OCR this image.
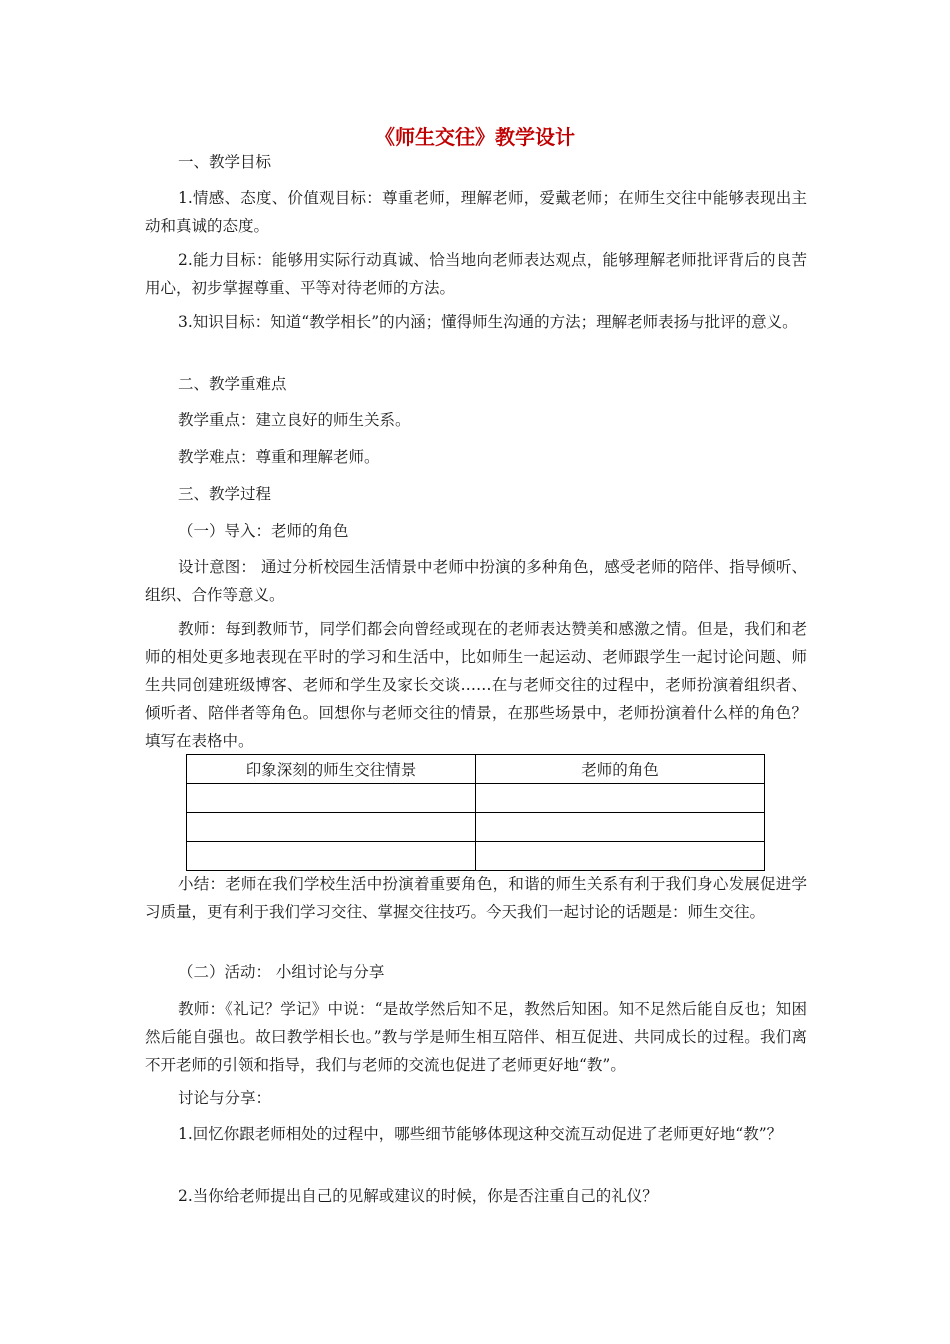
《师生交往》教学设计

一、教学目标

1.情感、态度、价值观目标：尊重老师，理解老师，爱戴老师；在师生交往中能够表现出主动和真诚的态度。

2.能力目标：能够用实际行动真诚、恰当地向老师表达观点，能够理解老师批评背后的良苦用心，初步掌握尊重、平等对待老师的方法。

3.知识目标：知道“教学相长”的内涵；懂得师生沟通的方法；理解老师表扬与批评的意义。

二、教学重难点

教学重点：建立良好的师生关系。

教学难点：尊重和理解老师。

三、教学过程

（一）导入：老师的角色

设计意图： 通过分析校园生活情景中老师中扮演的多种角色，感受老师的陪伴、指导倾听、组织、合作等意义。

教师：每到教师节，同学们都会向曾经或现在的老师表达赞美和感激之情。但是，我们和老师的相处更多地表现在平时的学习和生活中，比如师生一起运动、老师跟学生一起讨论问题、师生共同创建班级博客、老师和学生及家长交谈……在与老师交往的过程中，老师扮演着组织者、倾听者、陪伴者等角色。回想你与老师交往的情景，在那些场景中，老师扮演着什么样的角色？填写在表格中。

印象深刻的师生交往情景	老师的角色

小结：老师在我们学校生活中扮演着重要角色，和谐的师生关系有利于我们身心发展促进学习质量，更有利于我们学习交往、掌握交往技巧。今天我们一起讨论的话题是：师生交往。

（二）活动： 小组讨论与分享

教师：《礼记？学记》中说：“是故学然后知不足，教然后知困。知不足然后能自反也；知困然后能自强也。故曰教学相长也。”教与学是师生相互陪伴、相互促进、共同成长的过程。我们离不开老师的引领和指导，我们与老师的交流也促进了老师更好地“教”。

讨论与分享：

1.回忆你跟老师相处的过程中，哪些细节能够体现这种交流互动促进了老师更好地“教”？

2.当你给老师提出自己的见解或建议的时候，你是否注重自己的礼仪？
